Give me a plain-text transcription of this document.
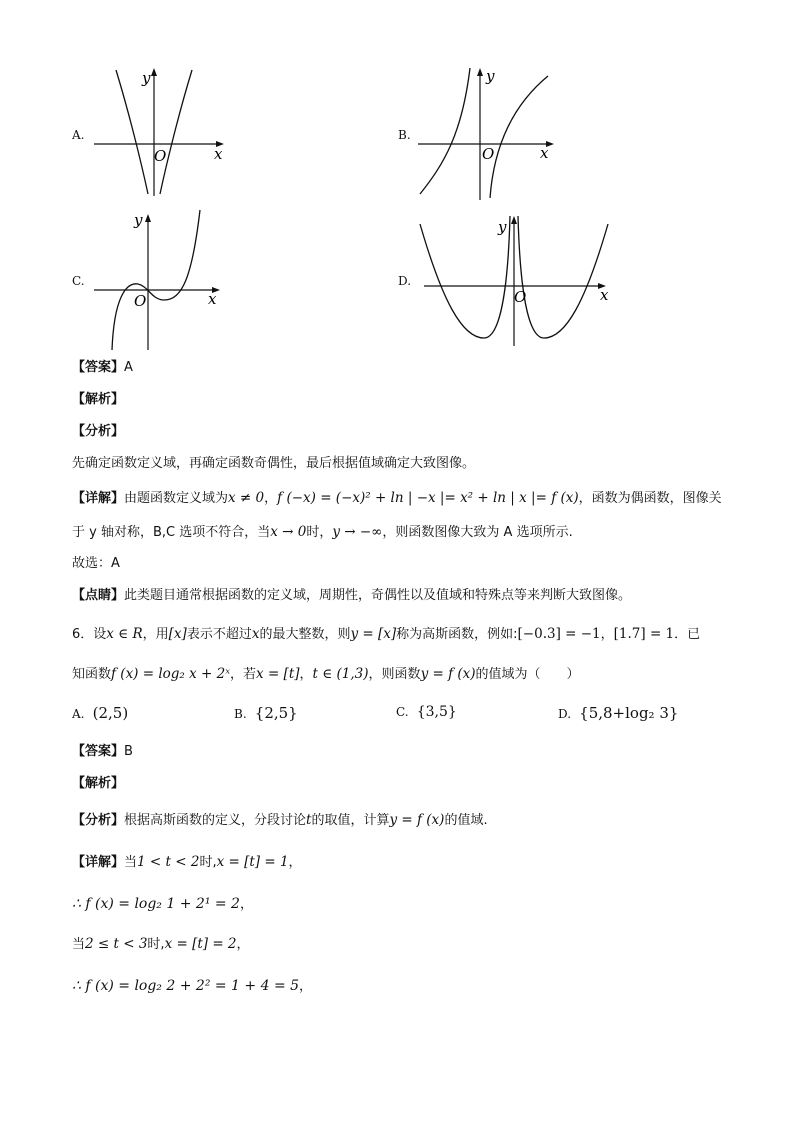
A.
y
x
O
B.
y
x
O
C.
y
x
O
D.
y
x
O
【答案】A
【解析】
【分析】
先确定函数定义域，再确定函数奇偶性，最后根据值域确定大致图像。
【详解】由题函数定义域为x ≠ 0，f (−x) = (−x)² + ln | −x |= x² + ln | x |= f (x)，函数为偶函数，图像关
于 y 轴对称，B,C 选项不符合，当x → 0时，y → −∞，则函数图像大致为 A 选项所示.
故选：A
【点睛】此类题目通常根据函数的定义域，周期性，奇偶性以及值域和特殊点等来判断大致图像。
6．设x ∈ R，用[x]表示不超过x的最大整数，则y = [x]称为高斯函数，例如:[−0.3] = −1，[1.7] = 1．已
知函数f (x) = log₂ x + 2ˣ，若x = [t]，t ∈ (1,3)，则函数y = f (x)的值域为（　　）
A. (2,5)	B. {2,5}	C. {3,5}	D. {5,8+log₂ 3}
【答案】B
【解析】
【分析】根据高斯函数的定义，分段讨论t的取值，计算y = f (x)的值域.
【详解】当1 < t < 2时,x = [t] = 1，
∴ f (x) = log₂ 1 + 2¹ = 2，
当2 ≤ t < 3时,x = [t] = 2，
∴ f (x) = log₂ 2 + 2² = 1 + 4 = 5，
